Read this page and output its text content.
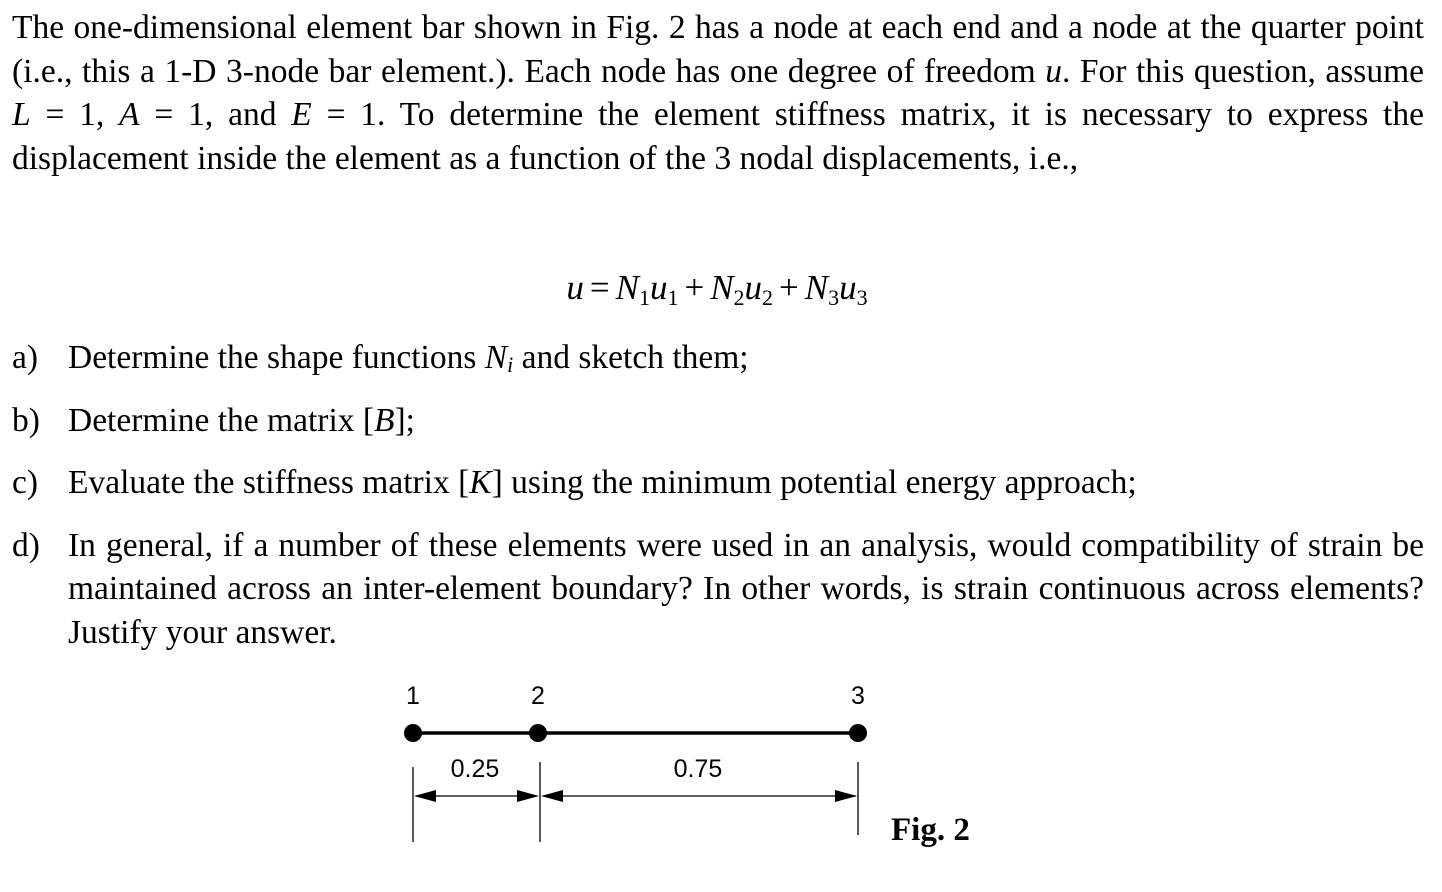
The one-dimensional element bar shown in Fig. 2 has a node at each end and a node at the quarter point (i.e., this a 1-D 3-node bar element.). Each node has one degree of freedom u. For this question, assume L = 1, A = 1, and E = 1. To determine the element stiffness matrix, it is necessary to express the displacement inside the element as a function of the 3 nodal displacements, i.e.,

$u = N_1u_1 + N_2u_2 + N_3u_3$
a) Determine the shape functions $N_i$ and sketch them;
b) Determine the matrix [B];
c) Evaluate the stiffness matrix [K] using the minimum potential energy approach;
d) In general, if a number of these elements were used in an analysis, would compatibility of strain be maintained across an inter-element boundary? In other words, is strain continuous across elements? Justify your answer.
1	2	3
0.25	0.75
Fig. 2
